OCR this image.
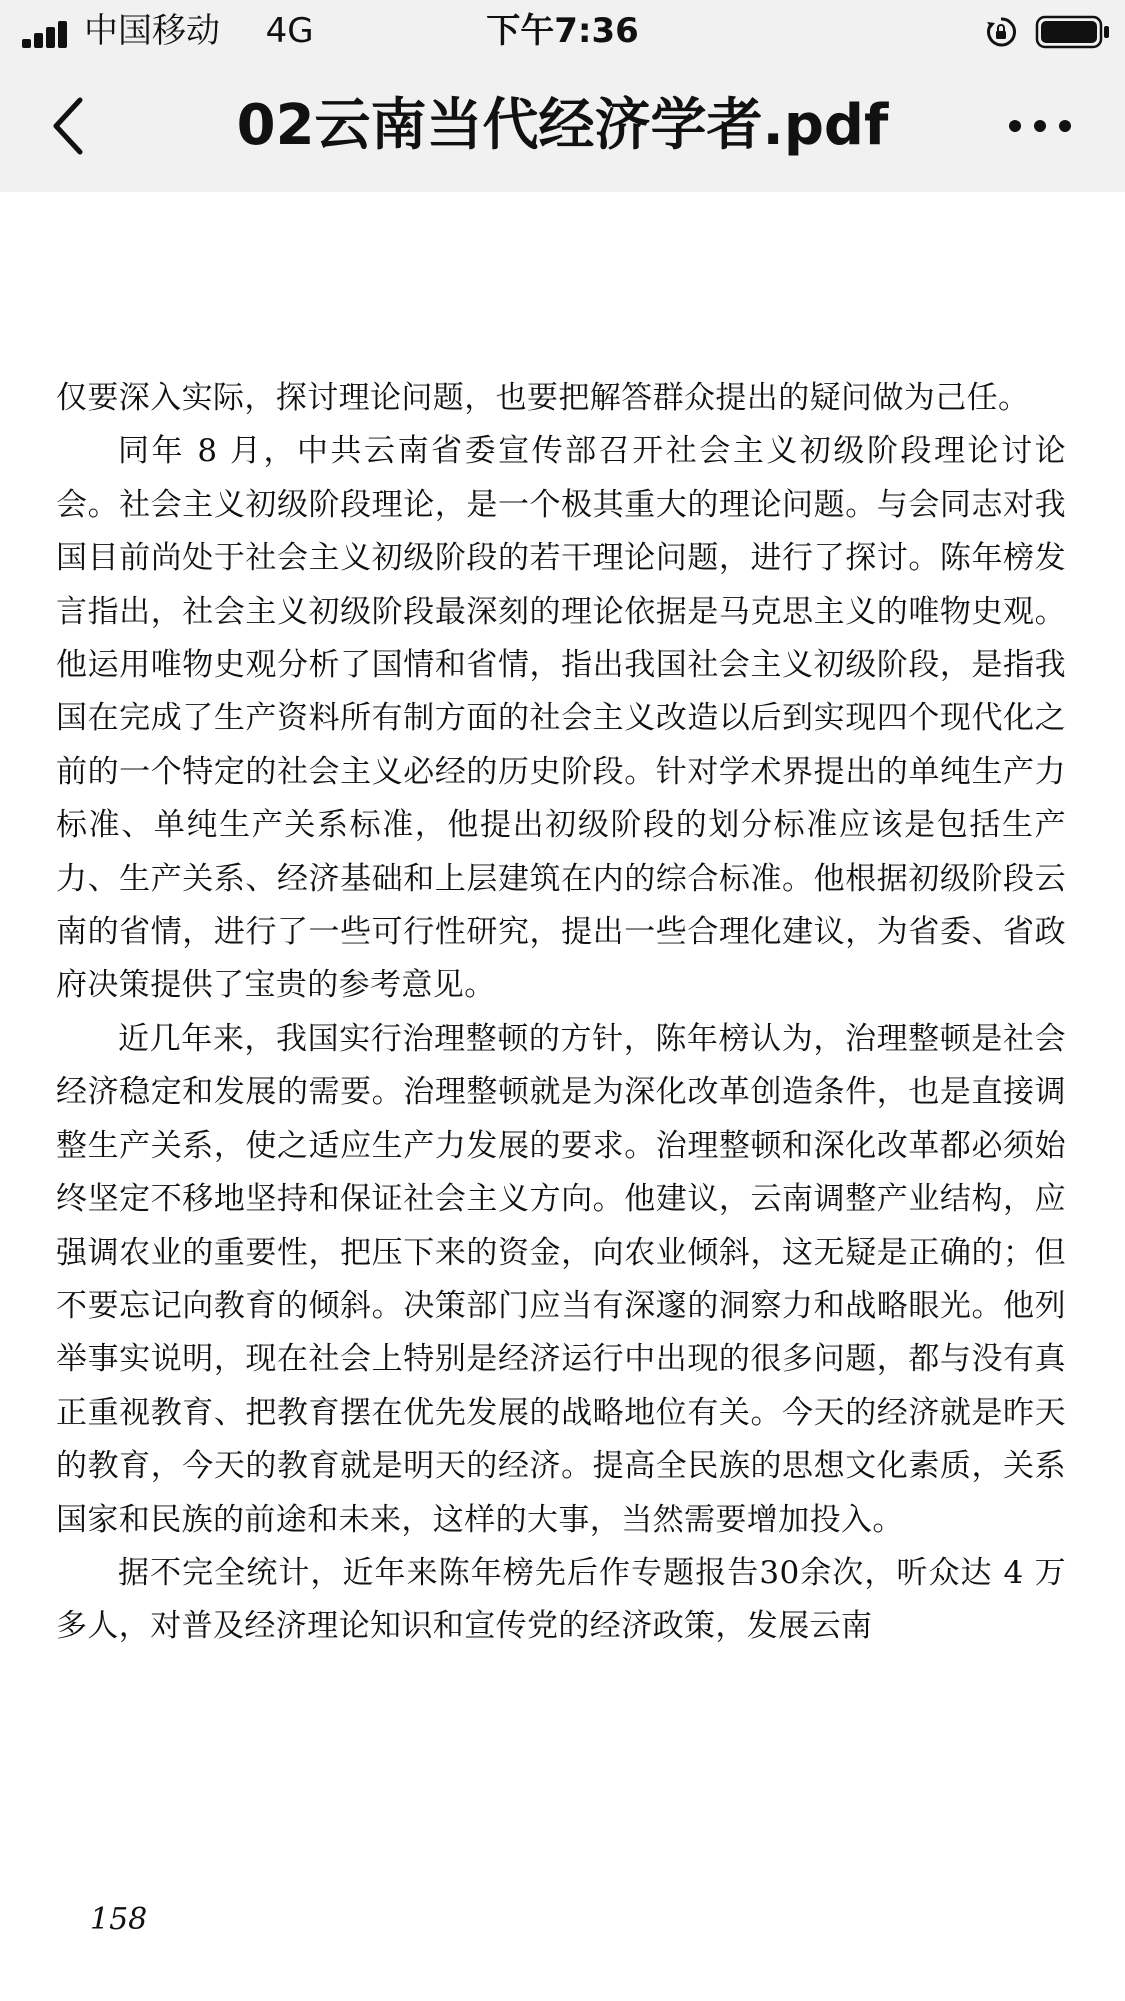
中国移动 4G	下午7:36
02云南当代经济学者.pdf

仅要深入实际，探讨理论问题，也要把解答群众提出的疑问做为己任。

同年 8 月，中共云南省委宣传部召开社会主义初级阶段理论讨论会。社会主义初级阶段理论，是一个极其重大的理论问题。与会同志对我国目前尚处于社会主义初级阶段的若干理论问题，进行了探讨。陈年榜发言指出，社会主义初级阶段最深刻的理论依据是马克思主义的唯物史观。他运用唯物史观分析了国情和省情，指出我国社会主义初级阶段，是指我国在完成了生产资料所有制方面的社会主义改造以后到实现四个现代化之前的一个特定的社会主义必经的历史阶段。针对学术界提出的单纯生产力标准、单纯生产关系标准，他提出初级阶段的划分标准应该是包括生产力、生产关系、经济基础和上层建筑在内的综合标准。他根据初级阶段云南的省情，进行了一些可行性研究，提出一些合理化建议，为省委、省政府决策提供了宝贵的参考意见。

近几年来，我国实行治理整顿的方针，陈年榜认为，治理整顿是社会经济稳定和发展的需要。治理整顿就是为深化改革创造条件，也是直接调整生产关系，使之适应生产力发展的要求。治理整顿和深化改革都必须始终坚定不移地坚持和保证社会主义方向。他建议，云南调整产业结构，应强调农业的重要性，把压下来的资金，向农业倾斜，这无疑是正确的；但不要忘记向教育的倾斜。决策部门应当有深邃的洞察力和战略眼光。他列举事实说明，现在社会上特别是经济运行中出现的很多问题，都与没有真正重视教育、把教育摆在优先发展的战略地位有关。今天的经济就是昨天的教育，今天的教育就是明天的经济。提高全民族的思想文化素质，关系国家和民族的前途和未来，这样的大事，当然需要增加投入。

据不完全统计，近年来陈年榜先后作专题报告30余次，听众达 4 万多人，对普及经济理论知识和宣传党的经济政策，发展云南

158
